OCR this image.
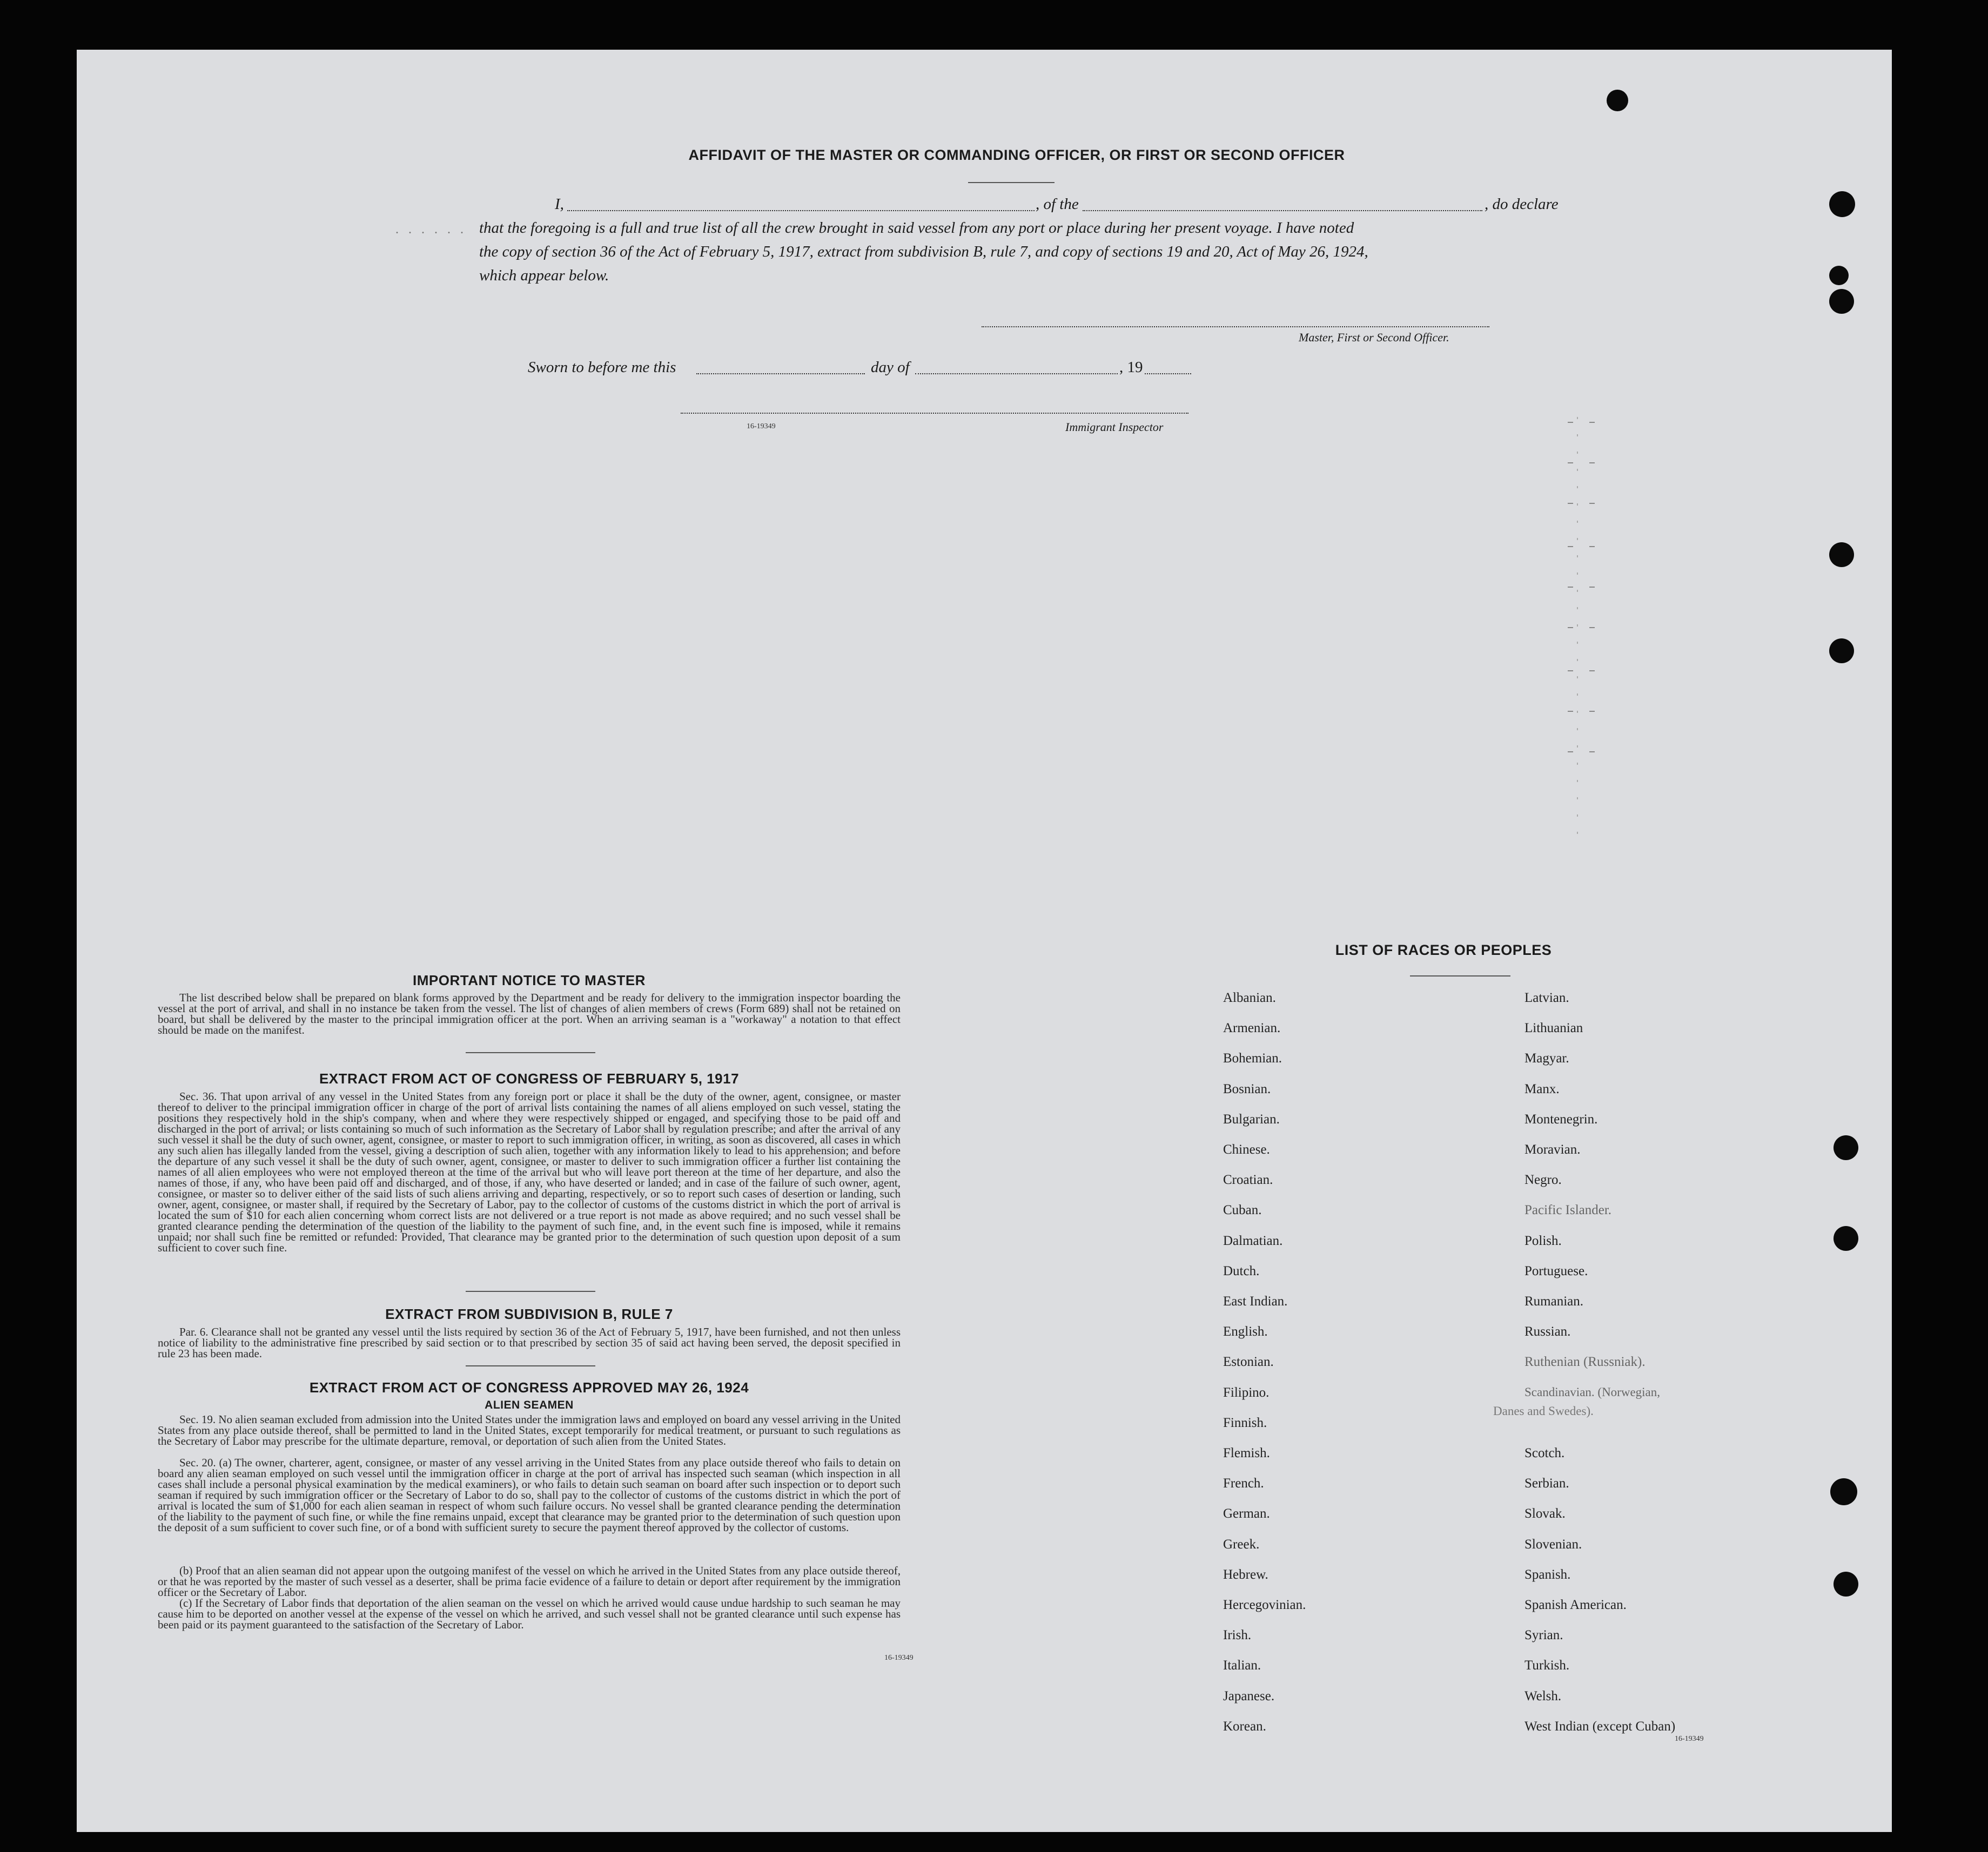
AFFIDAVIT OF THE MASTER OR COMMANDING OFFICER, OR FIRST OR SECOND OFFICER
I,	, of the	, do declare
...... that the foregoing is a full and true list of all the crew brought in said vessel from any port or place during her present voyage. I have noted
the copy of section 36 of the Act of February 5, 1917, extract from subdivision B, rule 7, and copy of sections 19 and 20, Act of May 26, 1924,
which appear below.
Master, First or Second Officer.
Sworn to before me this	day of	, 19
16-19349	Immigrant Inspector
IMPORTANT NOTICE TO MASTER
The list described below shall be prepared on blank forms approved by the Department and be ready for delivery to the immigration inspector boarding the vessel at the port of arrival, and shall in no instance be taken from the vessel. The list of changes of alien members of crews (Form 689) shall not be retained on board, but shall be delivered by the master to the principal immigration officer at the port. When an arriving seaman is a "workaway" a notation to that effect should be made on the manifest.
EXTRACT FROM ACT OF CONGRESS OF FEBRUARY 5, 1917
Sec. 36. That upon arrival of any vessel in the United States from any foreign port or place it shall be the duty of the owner, agent, consignee, or master thereof to deliver to the principal immigration officer in charge of the port of arrival lists containing the names of all aliens employed on such vessel, stating the positions they respectively hold in the ship's company, when and where they were respectively shipped or engaged, and specifying those to be paid off and discharged in the port of arrival; or lists containing so much of such information as the Secretary of Labor shall by regulation prescribe; and after the arrival of any such vessel it shall be the duty of such owner, agent, consignee, or master to report to such immigration officer, in writing, as soon as discovered, all cases in which any such alien has illegally landed from the vessel, giving a description of such alien, together with any information likely to lead to his apprehension; and before the departure of any such vessel it shall be the duty of such owner, agent, consignee, or master to deliver to such immigration officer a further list containing the names of all alien employees who were not employed thereon at the time of the arrival but who will leave port thereon at the time of her departure, and also the names of those, if any, who have been paid off and discharged, and of those, if any, who have deserted or landed; and in case of the failure of such owner, agent, consignee, or master so to deliver either of the said lists of such aliens arriving and departing, respectively, or so to report such cases of desertion or landing, such owner, agent, consignee, or master shall, if required by the Secretary of Labor, pay to the collector of customs of the customs district in which the port of arrival is located the sum of $10 for each alien concerning whom correct lists are not delivered or a true report is not made as above required; and no such vessel shall be granted clearance pending the determination of the question of the liability to the payment of such fine, and, in the event such fine is imposed, while it remains unpaid; nor shall such fine be remitted or refunded: Provided, That clearance may be granted prior to the determination of such question upon deposit of a sum sufficient to cover such fine.
EXTRACT FROM SUBDIVISION B, RULE 7
Par. 6. Clearance shall not be granted any vessel until the lists required by section 36 of the Act of February 5, 1917, have been furnished, and not then unless notice of liability to the administrative fine prescribed by said section or to that prescribed by section 35 of said act having been served, the deposit specified in rule 23 has been made.
EXTRACT FROM ACT OF CONGRESS APPROVED MAY 26, 1924
ALIEN SEAMEN
Sec. 19. No alien seaman excluded from admission into the United States under the immigration laws and employed on board any vessel arriving in the United States from any place outside thereof, shall be permitted to land in the United States, except temporarily for medical treatment, or pursuant to such regulations as the Secretary of Labor may prescribe for the ultimate departure, removal, or deportation of such alien from the United States.
Sec. 20. (a) The owner, charterer, agent, consignee, or master of any vessel arriving in the United States from any place outside thereof who fails to detain on board any alien seaman employed on such vessel until the immigration officer in charge at the port of arrival has inspected such seaman (which inspection in all cases shall include a personal physical examination by the medical examiners), or who fails to detain such seaman on board after such inspection or to deport such seaman if required by such immigration officer or the Secretary of Labor to do so, shall pay to the collector of customs of the customs district in which the port of arrival is located the sum of $1,000 for each alien seaman in respect of whom such failure occurs. No vessel shall be granted clearance pending the determination of the liability to the payment of such fine, or while the fine remains unpaid, except that clearance may be granted prior to the determination of such question upon the deposit of a sum sufficient to cover such fine, or of a bond with sufficient surety to secure the payment thereof approved by the collector of customs.
(b) Proof that an alien seaman did not appear upon the outgoing manifest of the vessel on which he arrived in the United States from any place outside thereof, or that he was reported by the master of such vessel as a deserter, shall be prima facie evidence of a failure to detain or deport after requirement by the immigration officer or the Secretary of Labor.
(c) If the Secretary of Labor finds that deportation of the alien seaman on the vessel on which he arrived would cause undue hardship to such seaman he may cause him to be deported on another vessel at the expense of the vessel on which he arrived, and such vessel shall not be granted clearance until such expense has been paid or its payment guaranteed to the satisfaction of the Secretary of Labor.
16-19349
LIST OF RACES OR PEOPLES
Danes and Swedes).
16-19349
Albanian.
Armenian.
Bohemian.
Bosnian.
Bulgarian.
Chinese.
Croatian.
Cuban.
Dalmatian.
Dutch.
East Indian.
English.
Estonian.
Filipino.
Finnish.
Flemish.
French.
German.
Greek.
Hebrew.
Hercegovinian.
Irish.
Italian.
Japanese.
Korean.
Latvian.
Lithuanian
Magyar.
Manx.
Montenegrin.
Moravian.
Negro.
Pacific Islander.
Polish.
Portuguese.
Rumanian.
Russian.
Ruthenian (Russniak).
Scandinavian. (Norwegian,
Scotch.
Serbian.
Slovak.
Slovenian.
Spanish.
Spanish American.
Syrian.
Turkish.
Welsh.
West Indian (except Cuban)
